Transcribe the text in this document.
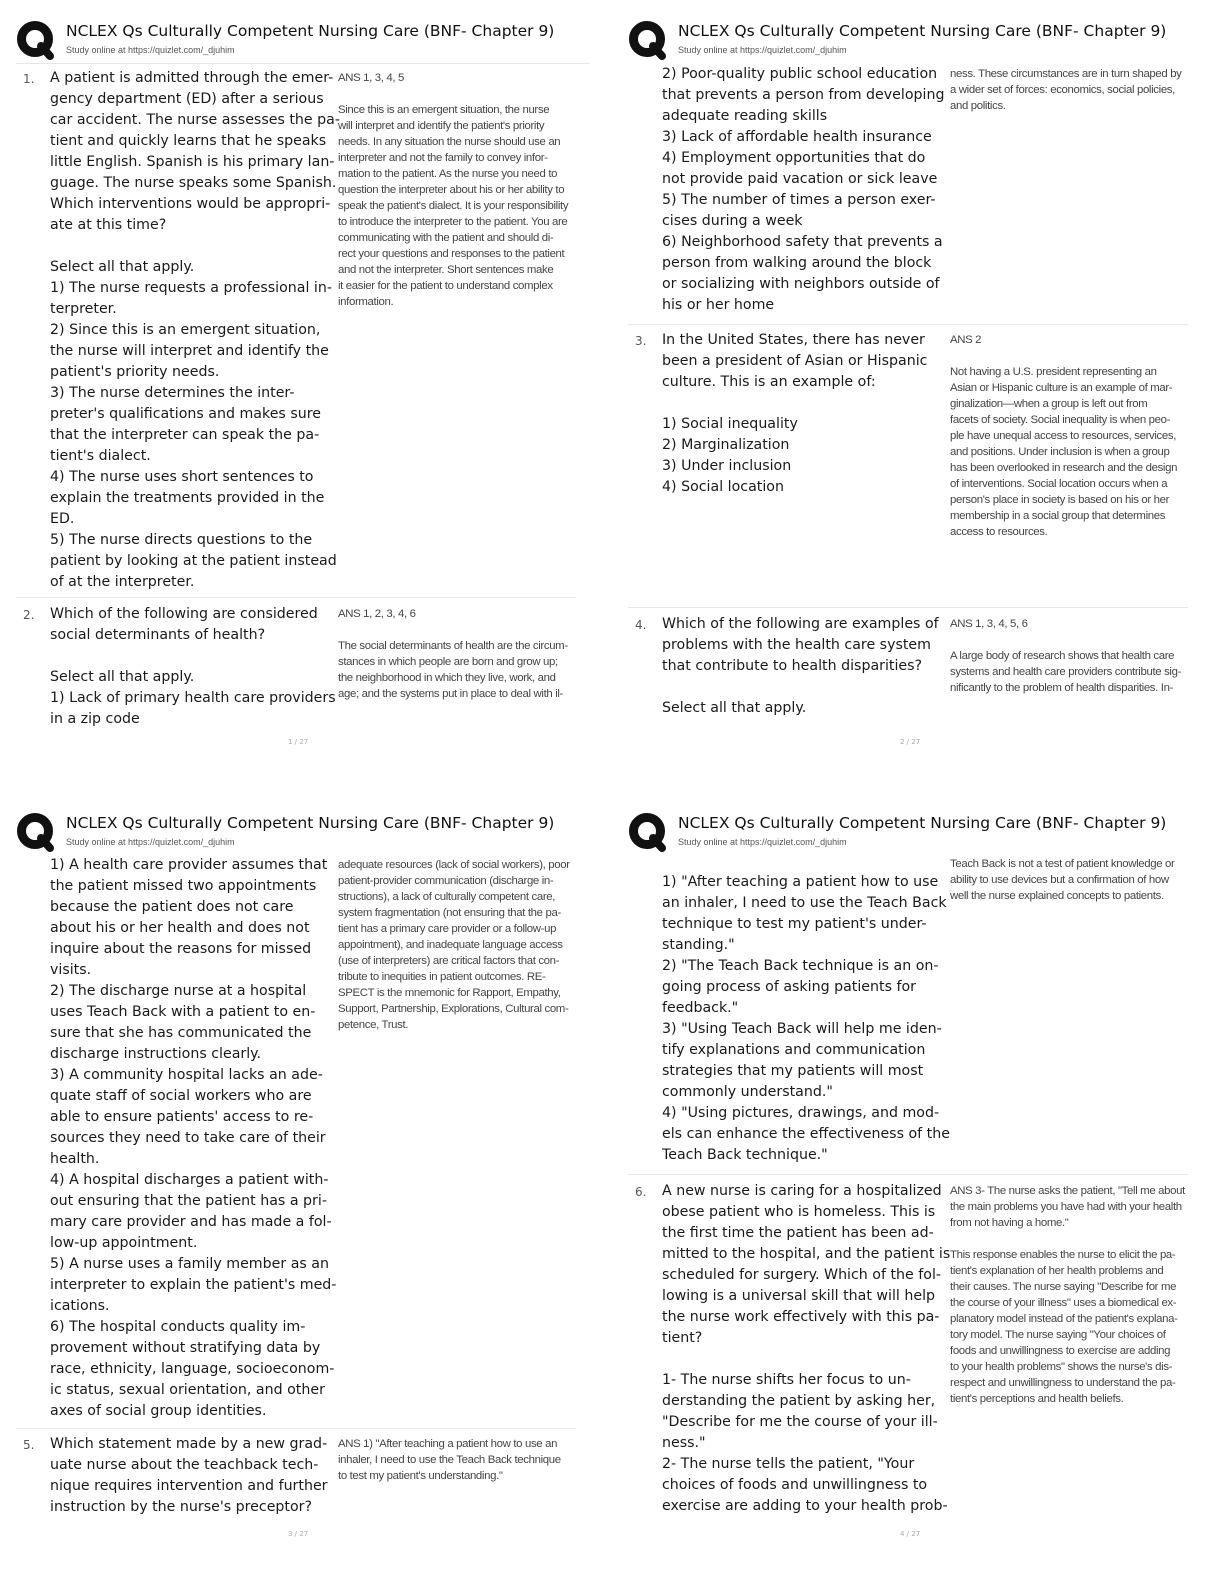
NCLEX Qs Culturally Competent Nursing Care (BNF- Chapter 9)
Study online at https://quizlet.com/_djuhim
1. A patient is admitted through the emer-

gency department (ED) after a serious

car accident. The nurse assesses the pa-

tient and quickly learns that he speaks

little English. Spanish is his primary lan-

guage. The nurse speaks some Spanish.

Which interventions would be appropri-

ate at this time?

Select all that apply.

1) The nurse requests a professional in-

terpreter.

2) Since this is an emergent situation,

the nurse will interpret and identify the

patient's priority needs.

3) The nurse determines the inter-

preter's qualifications and makes sure

that the interpreter can speak the pa-

tient's dialect.

4) The nurse uses short sentences to

explain the treatments provided in the

ED.

5) The nurse directs questions to the

patient by looking at the patient instead

of at the interpreter.

ANS 1, 3, 4, 5

Since this is an emergent situation, the nurse

will interpret and identify the patient's priority

needs. In any situation the nurse should use an

interpreter and not the family to convey infor-

mation to the patient. As the nurse you need to

question the interpreter about his or her ability to

speak the patient's dialect. It is your responsibility

to introduce the interpreter to the patient. You are

communicating with the patient and should di-

rect your questions and responses to the patient

and not the interpreter. Short sentences make

it easier for the patient to understand complex

information.

2. Which of the following are considered

social determinants of health?

Select all that apply.

1) Lack of primary health care providers

in a zip code

ANS 1, 2, 3, 4, 6

The social determinants of health are the circum-

stances in which people are born and grow up;

the neighborhood in which they live, work, and

age; and the systems put in place to deal with il-

1 / 27
NCLEX Qs Culturally Competent Nursing Care (BNF- Chapter 9)
Study online at https://quizlet.com/_djuhim

2) Poor-quality public school education

that prevents a person from developing

adequate reading skills

3) Lack of affordable health insurance

4) Employment opportunities that do

not provide paid vacation or sick leave

5) The number of times a person exer-

cises during a week

6) Neighborhood safety that prevents a

person from walking around the block

or socializing with neighbors outside of

his or her home

ness. These circumstances are in turn shaped by

a wider set of forces: economics, social policies,

and politics.

3. In the United States, there has never

been a president of Asian or Hispanic

culture. This is an example of:

1) Social inequality

2) Marginalization

3) Under inclusion

4) Social location

ANS 2

Not having a U.S. president representing an

Asian or Hispanic culture is an example of mar-

ginalization—when a group is left out from

facets of society. Social inequality is when peo-

ple have unequal access to resources, services,

and positions. Under inclusion is when a group

has been overlooked in research and the design

of interventions. Social location occurs when a

person's place in society is based on his or her

membership in a social group that determines

access to resources.

4. Which of the following are examples of

problems with the health care system

that contribute to health disparities?

Select all that apply.

ANS 1, 3, 4, 5, 6

A large body of research shows that health care

systems and health care providers contribute sig-

nificantly to the problem of health disparities. In-

2 / 27
NCLEX Qs Culturally Competent Nursing Care (BNF- Chapter 9)
Study online at https://quizlet.com/_djuhim

1) A health care provider assumes that

the patient missed two appointments

because the patient does not care

about his or her health and does not

inquire about the reasons for missed

visits.

2) The discharge nurse at a hospital

uses Teach Back with a patient to en-

sure that she has communicated the

discharge instructions clearly.

3) A community hospital lacks an ade-

quate staff of social workers who are

able to ensure patients' access to re-

sources they need to take care of their

health.

4) A hospital discharges a patient with-

out ensuring that the patient has a pri-

mary care provider and has made a fol-

low-up appointment.

5) A nurse uses a family member as an

interpreter to explain the patient's med-

ications.

6) The hospital conducts quality im-

provement without stratifying data by

race, ethnicity, language, socioeconom-

ic status, sexual orientation, and other

axes of social group identities.

adequate resources (lack of social workers), poor

patient-provider communication (discharge in-

structions), a lack of culturally competent care,

system fragmentation (not ensuring that the pa-

tient has a primary care provider or a follow-up

appointment), and inadequate language access

(use of interpreters) are critical factors that con-

tribute to inequities in patient outcomes. RE-

SPECT is the mnemonic for Rapport, Empathy,

Support, Partnership, Explorations, Cultural com-

petence, Trust.

5. Which statement made by a new grad-

uate nurse about the teachback tech-

nique requires intervention and further

instruction by the nurse's preceptor?

ANS 1) "After teaching a patient how to use an

inhaler, I need to use the Teach Back technique

to test my patient's understanding."

3 / 27
NCLEX Qs Culturally Competent Nursing Care (BNF- Chapter 9)
Study online at https://quizlet.com/_djuhim

1) "After teaching a patient how to use

an inhaler, I need to use the Teach Back

technique to test my patient's under-

standing."

2) "The Teach Back technique is an on-

going process of asking patients for

feedback."

3) "Using Teach Back will help me iden-

tify explanations and communication

strategies that my patients will most

commonly understand."

4) "Using pictures, drawings, and mod-

els can enhance the effectiveness of the

Teach Back technique."

Teach Back is not a test of patient knowledge or

ability to use devices but a confirmation of how

well the nurse explained concepts to patients.

6. A new nurse is caring for a hospitalized

obese patient who is homeless. This is

the first time the patient has been ad-

mitted to the hospital, and the patient is

scheduled for surgery. Which of the fol-

lowing is a universal skill that will help

the nurse work effectively with this pa-

tient?

1- The nurse shifts her focus to un-

derstanding the patient by asking her,

"Describe for me the course of your ill-

ness."

2- The nurse tells the patient, "Your

choices of foods and unwillingness to

exercise are adding to your health prob-

ANS 3- The nurse asks the patient, "Tell me about

the main problems you have had with your health

from not having a home."

This response enables the nurse to elicit the pa-

tient's explanation of her health problems and

their causes. The nurse saying "Describe for me

the course of your illness" uses a biomedical ex-

planatory model instead of the patient's explana-

tory model. The nurse saying "Your choices of

foods and unwillingness to exercise are adding

to your health problems" shows the nurse's dis-

respect and unwillingness to understand the pa-

tient's perceptions and health beliefs.

4 / 27
